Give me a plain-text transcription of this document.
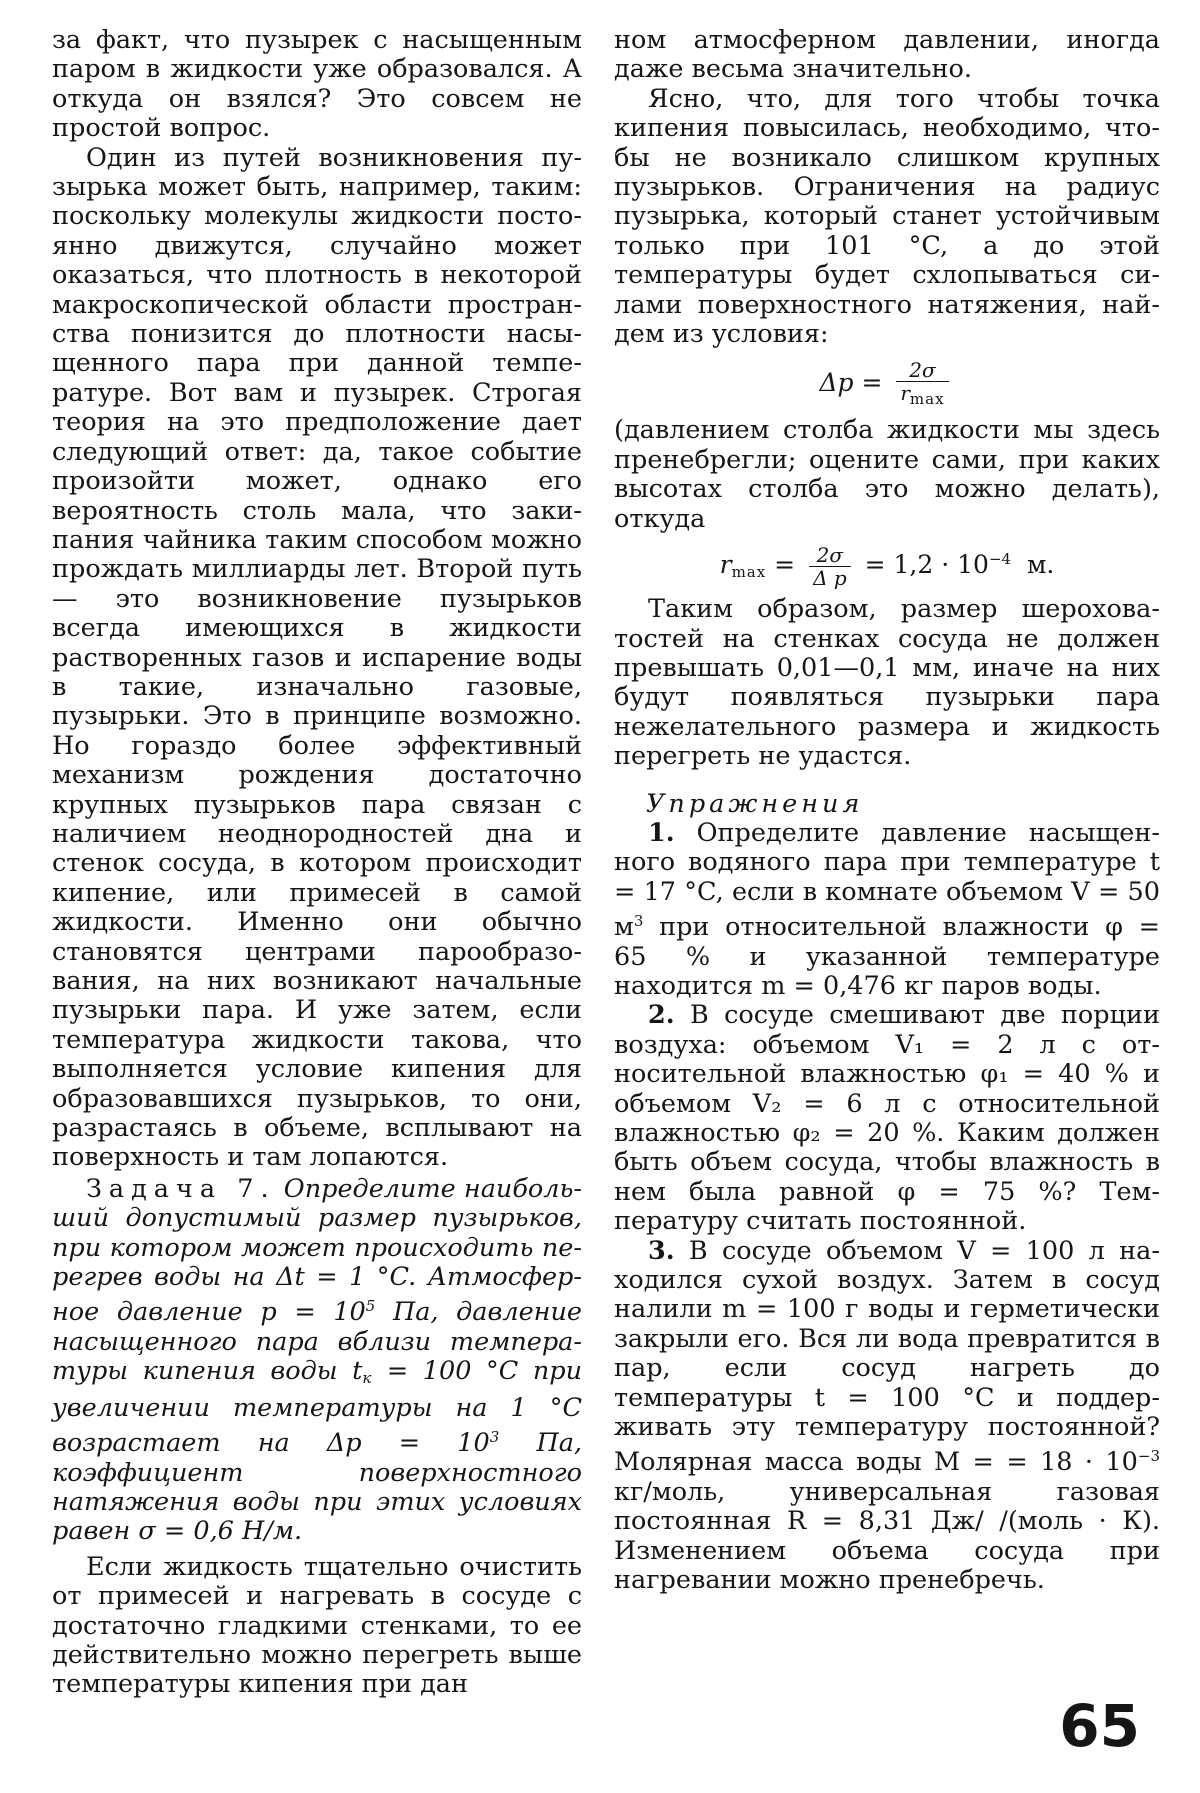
за факт, что пузырек с насыщенным паром в жидкости уже образовался. А откуда он взялся? Это совсем не простой вопрос.

Один из путей возникновения пузырька может быть, например, таким: поскольку молекулы жидкости постоянно движутся, случайно может оказаться, что плотность в некоторой макроскопической области пространства понизится до плотности насыщенного пара при данной температуре. Вот вам и пузырек. Строгая теория на это предположение дает следующий ответ: да, такое событие произойти может, однако его вероятность столь мала, что закипания чайника таким способом можно прождать миллиарды лет. Второй путь — это возникновение пузырьков всегда имеющихся в жидкости растворенных газов и испарение воды в такие, изначально газовые, пузырьки. Это в принципе возможно. Но гораздо более эффективный механизм рождения достаточно крупных пузырьков пара связан с наличием неоднородностей дна и стенок сосуда, в котором происходит кипение, или примесей в самой жидкости. Именно они обычно становятся центрами парообразования, на них возникают начальные пузырьки пара. И уже затем, если температура жидкости такова, что выполняется условие кипения для образовавшихся пузырьков, то они, разрастаясь в объеме, всплывают на поверхность и там лопаются.

Задача 7. Определите наибольший допустимый размер пузырьков, при котором может происходить перегрев воды на Δt = 1 °C. Атмосферное давление $p = 10^5$ Па, давление насыщенного пара вблизи температуры кипения воды $t_к = 100$ °C при увеличении температуры на 1 °C возрастает на $\Delta p = 10^3$ Па, коэффициент поверхностного натяжения воды при этих условиях равен σ = 0,6 Н/м.

Если жидкость тщательно очистить от примесей и нагревать в сосуде с достаточно гладкими стенками, то ее действительно можно перегреть выше температуры кипения при дан

ном атмосферном давлении, иногда даже весьма значительно.

Ясно, что, для того чтобы точка кипения повысилась, необходимо, чтобы не возникало слишком крупных пузырьков. Ограничения на радиус пузырька, который станет устойчивым только при 101 °C, а до этой температуры будет схлопываться силами поверхностного натяжения, найдем из условия:

$\Delta p = \frac{2\sigma}{r_{max}}$

(давлением столба жидкости мы здесь пренебрегли; оцените сами, при каких высотах столба это можно делать), откуда

$r_{max} = \frac{2\sigma}{\text{Δ p}} = 1,2 \cdot 10^{-4}$ м.

Таким образом, размер шероховатостей на стенках сосуда не должен превышать 0,01—0,1 мм, иначе на них будут появляться пузырьки пара нежелательного размера и жидкость перегреть не удастся.

Упражнения

1. Определите давление насыщенного водяного пара при температуре t = 17 °C, если в комнате объемом V = 50 $м^3$ при относительной влажности φ = 65 % и указанной температуре находится m = 0,476 кг паров воды.

2. В сосуде смешивают две порции воздуха: объемом V₁ = 2 л с относительной влажностью φ₁ = 40 % и объемом V₂ = 6 л с относительной влажностью φ₂ = 20 %. Каким должен быть объем сосуда, чтобы влажность в нем была равной φ = 75 %? Температуру считать постоянной.

3. В сосуде объемом V = 100 л находился сухой воздух. Затем в сосуд налили m = 100 г воды и герметически закрыли его. Вся ли вода превратится в пар, если сосуд нагреть до температуры t = 100 °C и поддерживать эту температуру постоянной? Молярная масса воды M = = $18 \cdot 10^{-3}$ кг/моль, универсальная газовая постоянная R = 8,31 Дж/ /(моль · К). Изменением объема сосуда при нагревании можно пренебречь.

65
